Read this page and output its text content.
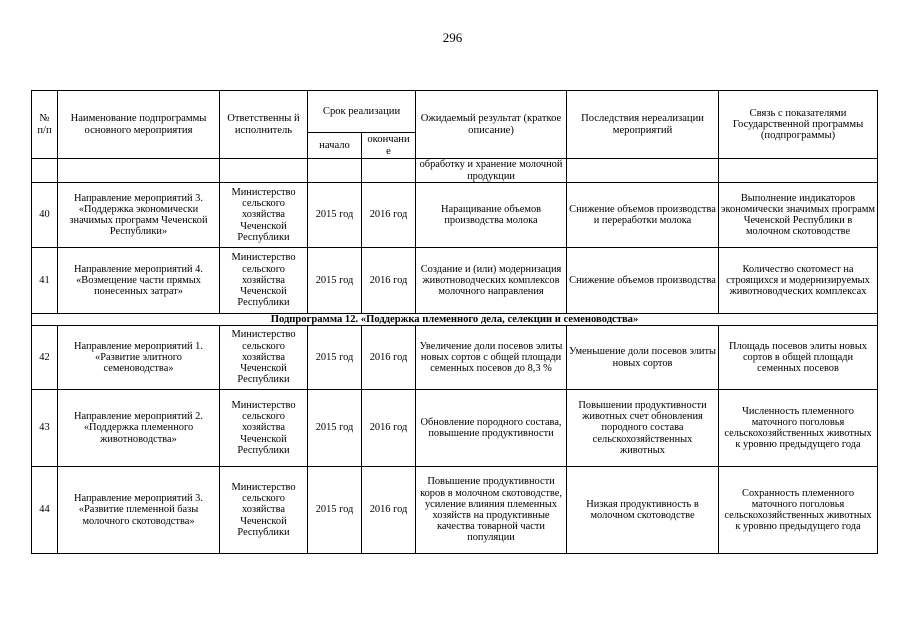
296
№ п/п	Наименование подпрограммы основного мероприятия	Ответственны й исполнитель	Срок реализации		Ожидаемый результат (краткое описание)	Последствия нереализации мероприятий	Связь с показателями Государственной программы (подпрограммы)
			начало	окончани е			
					обработку и хранение молочной продукции		
40	Направление мероприятий 3. «Поддержка экономически значимых программ Чеченской Республики»	Министерство сельского хозяйства Чеченской Республики	2015 год	2016 год	Наращивание объемов производства молока	Снижение объемов производства и переработки молока	Выполнение индикаторов экономически значимых программ Чеченской Республики в молочном скотоводстве
41	Направление мероприятий 4. «Возмещение части прямых понесенных затрат»	Министерство сельского хозяйства Чеченской Республики	2015 год	2016 год	Создание и (или) модернизация животноводческих комплексов молочного направления	Снижение объемов производства	Количество скотомест на строящихся и модернизируемых животноводческих комплексах
Подпрограмма 12. «Поддержка племенного дела, селекции и семеноводства»							
42	Направление мероприятий 1. «Развитие элитного семеноводства»	Министерство сельского хозяйства Чеченской Республики	2015 год	2016 год	Увеличение доли посевов элиты новых сортов с общей площади семенных посевов до 8,3 %	Уменьшение доли посевов элиты новых сортов	Площадь посевов элиты новых сортов в общей площади семенных посевов
43	Направление мероприятий 2. «Поддержка племенного животноводства»	Министерство сельского хозяйства Чеченской Республики	2015 год	2016 год	Обновление породного состава, повышение продуктивности	Повышении продуктивности животных счет обновления породного состава сельскохозяйственных животных	Численность племенного маточного поголовья сельскохозяйственных животных к уровню предыдущего года
44	Направление мероприятий 3. «Развитие племенной базы молочного скотоводства»	Министерство сельского хозяйства Чеченской Республики	2015 год	2016 год	Повышение продуктивности коров в молочном скотоводстве, усиление влияния племенных хозяйств на продуктивные качества товарной части популяции	Низкая продуктивность в молочном скотоводстве	Сохранность племенного маточного поголовья сельскохозяйственных животных к уровню предыдущего года
